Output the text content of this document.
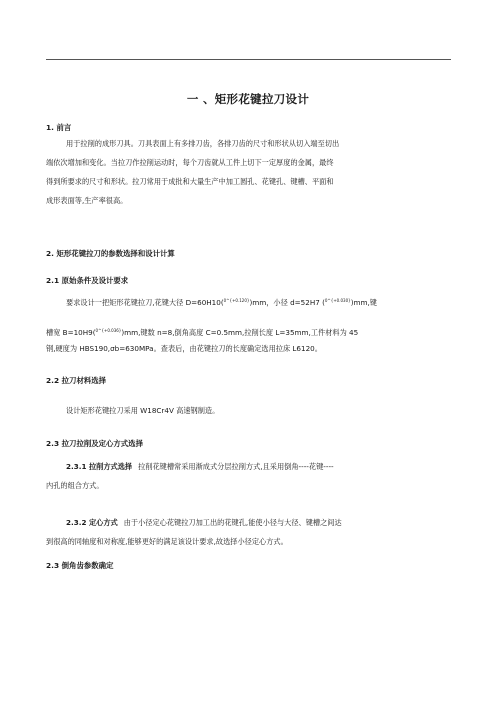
一 、矩形花键拉刀设计
1. 前言
用于拉削的成形刀具。刀具表面上有多排刀齿，各排刀齿的尺寸和形状从切入端至切出
端依次增加和变化。当拉刀作拉削运动时，每个刀齿就从工件上切下一定厚度的金属，最终
得到所要求的尺寸和形状。拉刀常用于成批和大量生产中加工圆孔、花键孔、键槽、平面和
成形表面等,生产率很高。
2. 矩形花键拉刀的参数选择和设计计算
2.1 原始条件及设计要求
要求设计一把矩形花键拉刀,花键大径 D=60H10($^{0\^{}\{+0.120\}}$)mm，小径 d=52H7 ($^{0\^{}\{+0.030\}}$)mm,键
槽宽 B=10H9($^{0\^{}\{+0.036\}}$)mm,键数 n=8,倒角高度 C=0.5mm,拉削长度 L=35mm,工件材料为 45
钢,硬度为 HBS190,σb=630MPa。查表后，由花键拉刀的长度确定选用拉床 L6120。
2.2 拉刀材料选择
设计矩形花键拉刀采用 W18Cr4V 高速钢制造。
2.3 拉刀拉削及定心方式选择
2.3.1 拉削方式选择 拉削花键槽常采用渐成式分层拉削方式,且采用倒角----花键----
内孔的组合方式。
2.3.2 定心方式 由于小径定心花键拉刀加工出的花键孔,能使小径与大径、键槽之间达
到很高的同轴度和对称度,能够更好的满足该设计要求,故选择小径定心方式。
2.3 倒角齿参数确定
